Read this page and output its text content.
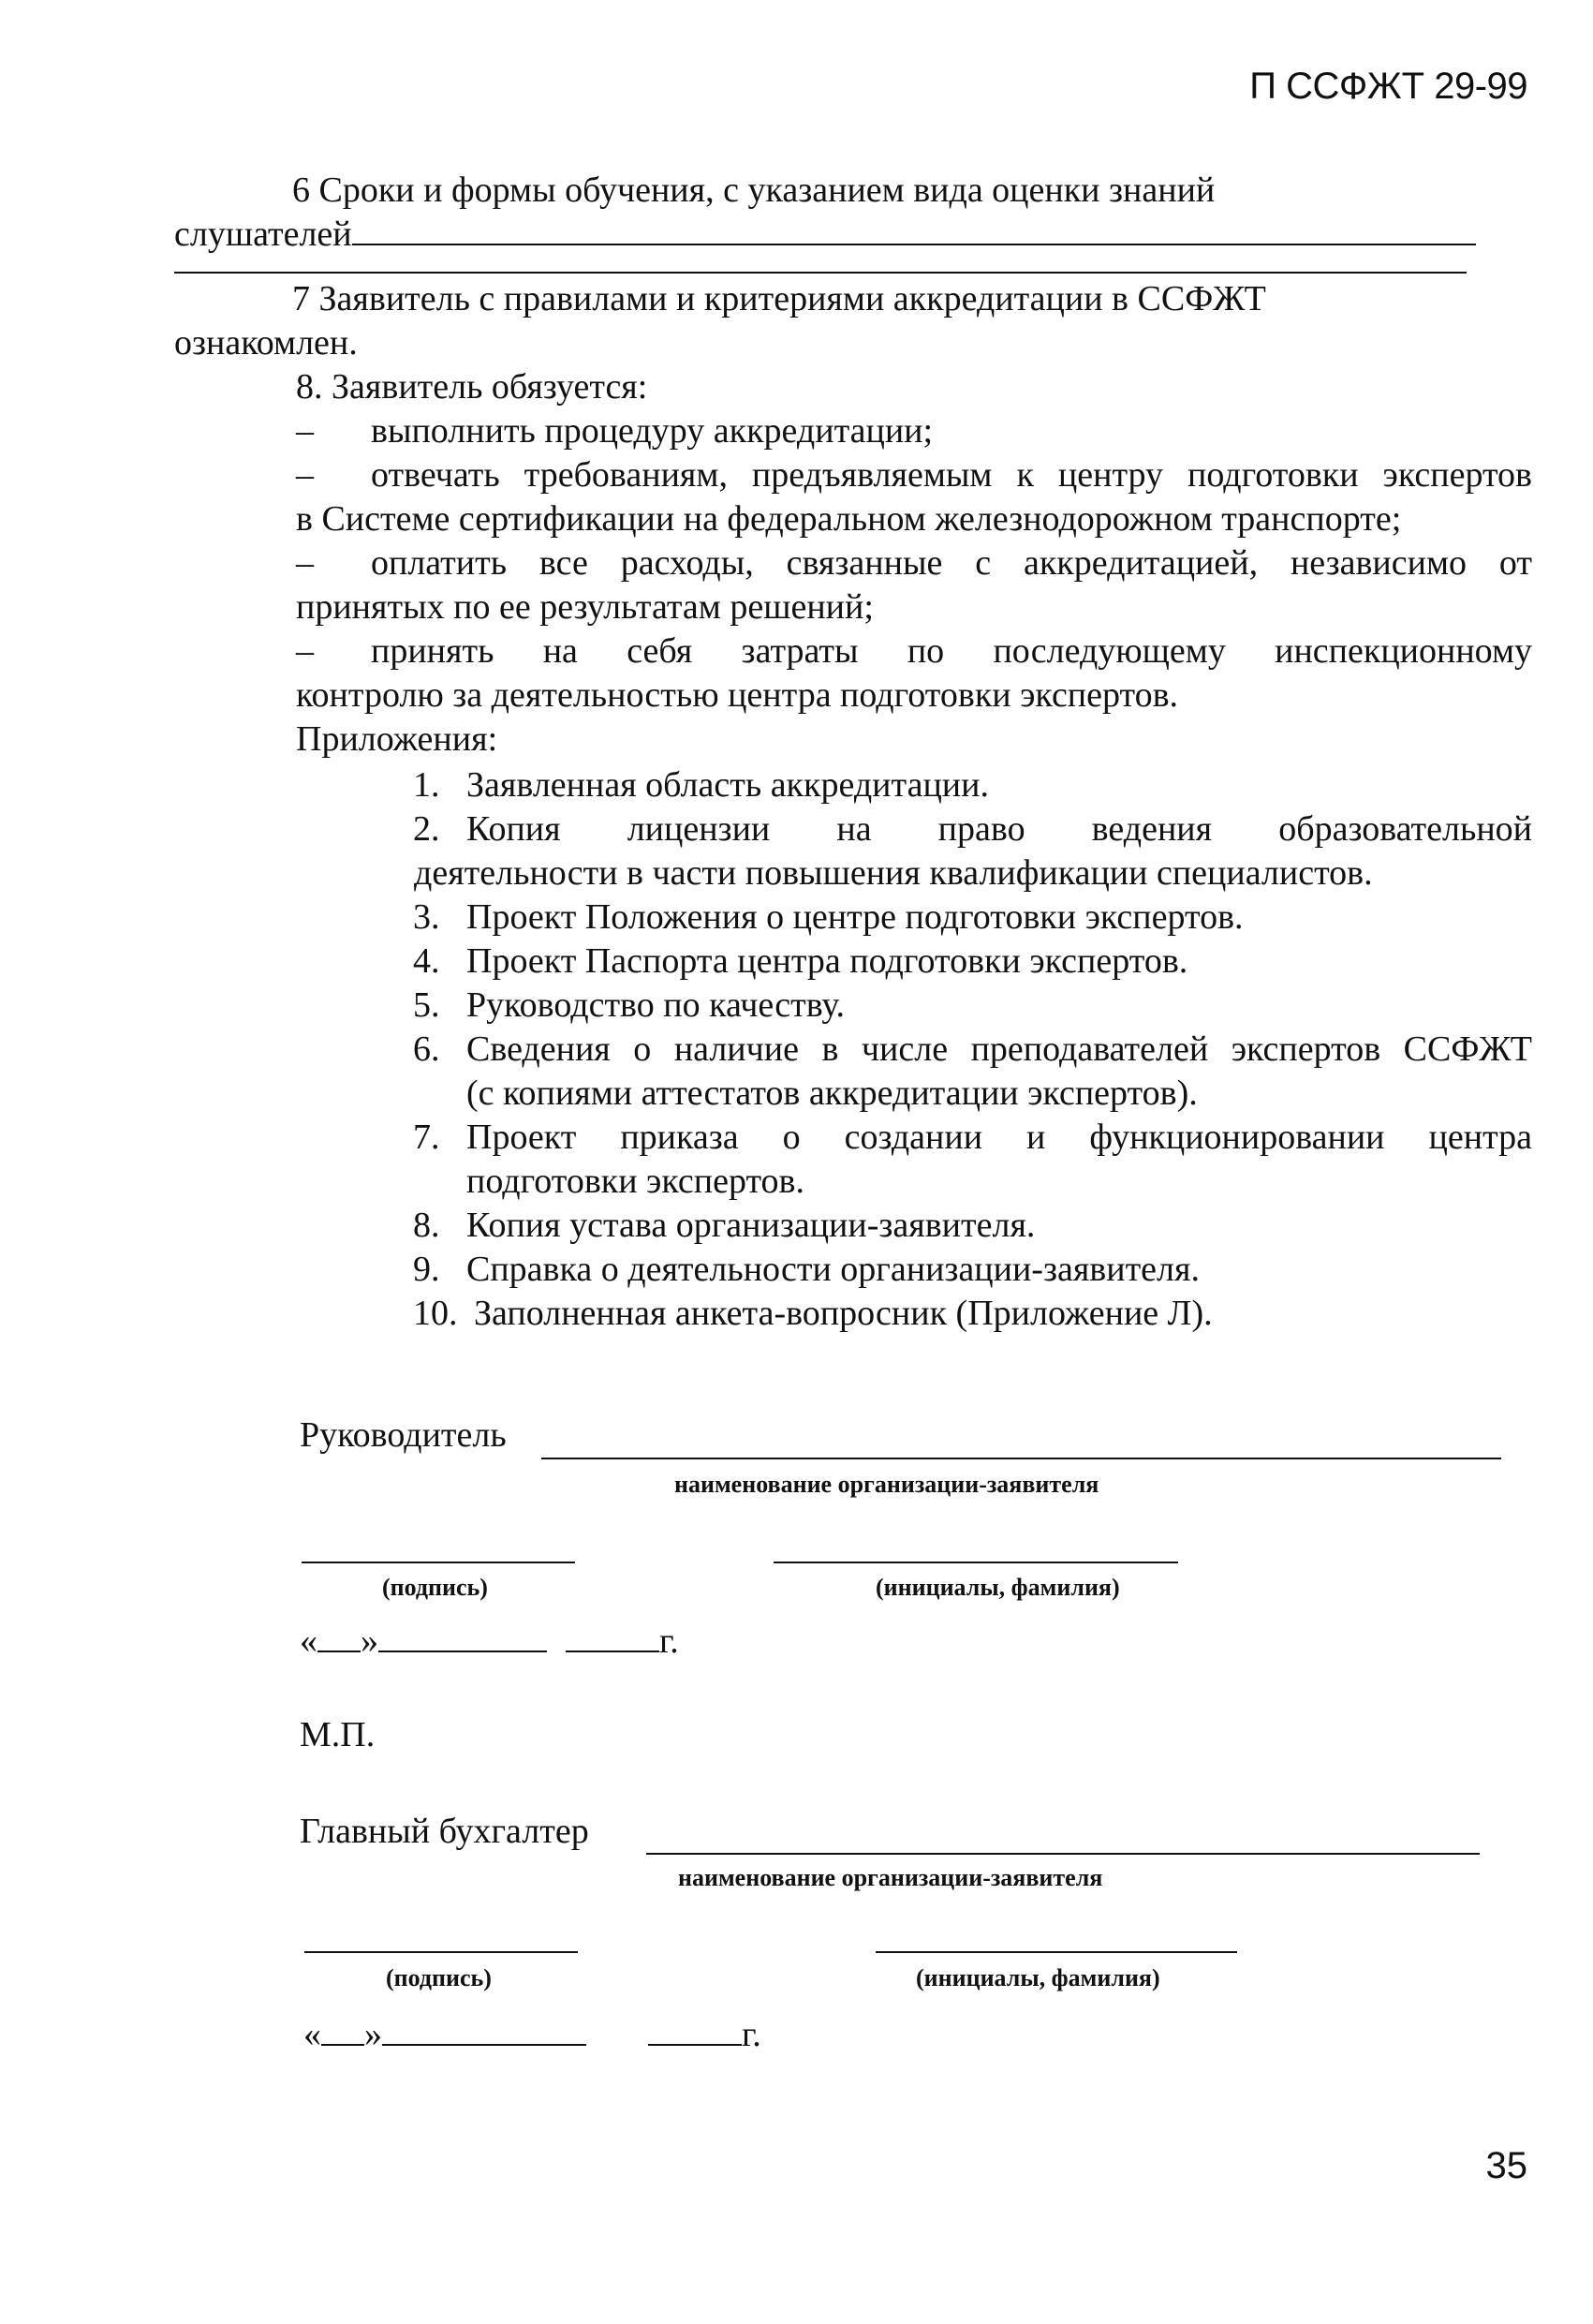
П ССФЖТ 29-99
6 Сроки и формы обучения, с указанием вида оценки знаний
слушателей
7 Заявитель с правилами и критериями аккредитации в ССФЖТ
ознакомлен.
8. Заявитель обязуется:
–	выполнить процедуру аккредитации;
–	отвечать требованиям, предъявляемым к центру подготовки экспертов
в Системе сертификации на федеральном железнодорожном транспорте;
–	оплатить все расходы, связанные с аккредитацией, независимо от
принятых по ее результатам решений;
–	принять на себя затраты по последующему инспекционному
контролю за деятельностью центра подготовки экспертов.
Приложения:
1. Заявленная область аккредитации.
2. Копия лицензии на право ведения образовательной
деятельности в части повышения квалификации специалистов.
3. Проект Положения о центре подготовки экспертов.
4. Проект Паспорта центра подготовки экспертов.
5. Руководство по качеству.
6. Сведения о наличие в числе преподавателей экспертов ССФЖТ
(с копиями аттестатов аккредитации экспертов).
7. Проект приказа о создании и функционировании центра
подготовки экспертов.
8. Копия устава организации-заявителя.
9. Справка о деятельности организации-заявителя.
10. Заполненная анкета-вопросник (Приложение Л).
Руководитель
наименование организации-заявителя
(подпись)	(инициалы, фамилия)
« »	г.
М.П.
Главный бухгалтер
наименование организации-заявителя
(подпись)	(инициалы, фамилия)
« »	г.
35
